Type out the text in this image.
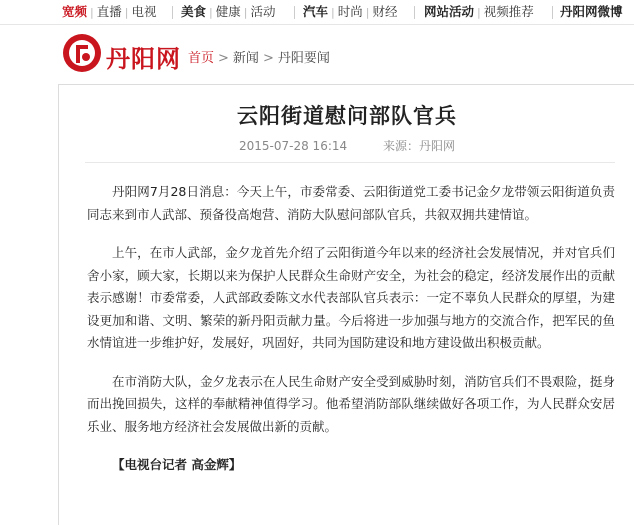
宽频 | 直播 | 电视 美食 | 健康 | 活动 汽车 | 时尚 | 财经 网站活动 | 视频推荐 丹阳网微博
丹阳网 首页 > 新闻 > 丹阳要闻
云阳街道慰问部队官兵
2015-07-28 16:14	来源：丹阳网

丹阳网7月28日消息：今天上午，市委常委、云阳街道党工委书记金夕龙带领云阳街道负责同志来到市人武部、预备役高炮营、消防大队慰问部队官兵，共叙双拥共建情谊。

上午，在市人武部，金夕龙首先介绍了云阳街道今年以来的经济社会发展情况，并对官兵们舍小家，顾大家，长期以来为保护人民群众生命财产安全，为社会的稳定，经济发展作出的贡献表示感谢！市委常委，人武部政委陈文水代表部队官兵表示：一定不辜负人民群众的厚望，为建设更加和谐、文明、繁荣的新丹阳贡献力量。今后将进一步加强与地方的交流合作，把军民的鱼水情谊进一步维护好，发展好，巩固好，共同为国防建设和地方建设做出积极贡献。

在市消防大队，金夕龙表示在人民生命财产安全受到威胁时刻，消防官兵们不畏艰险，挺身而出挽回损失，这样的奉献精神值得学习。他希望消防部队继续做好各项工作，为人民群众安居乐业、服务地方经济社会发展做出新的贡献。

【电视台记者 高金辉】
